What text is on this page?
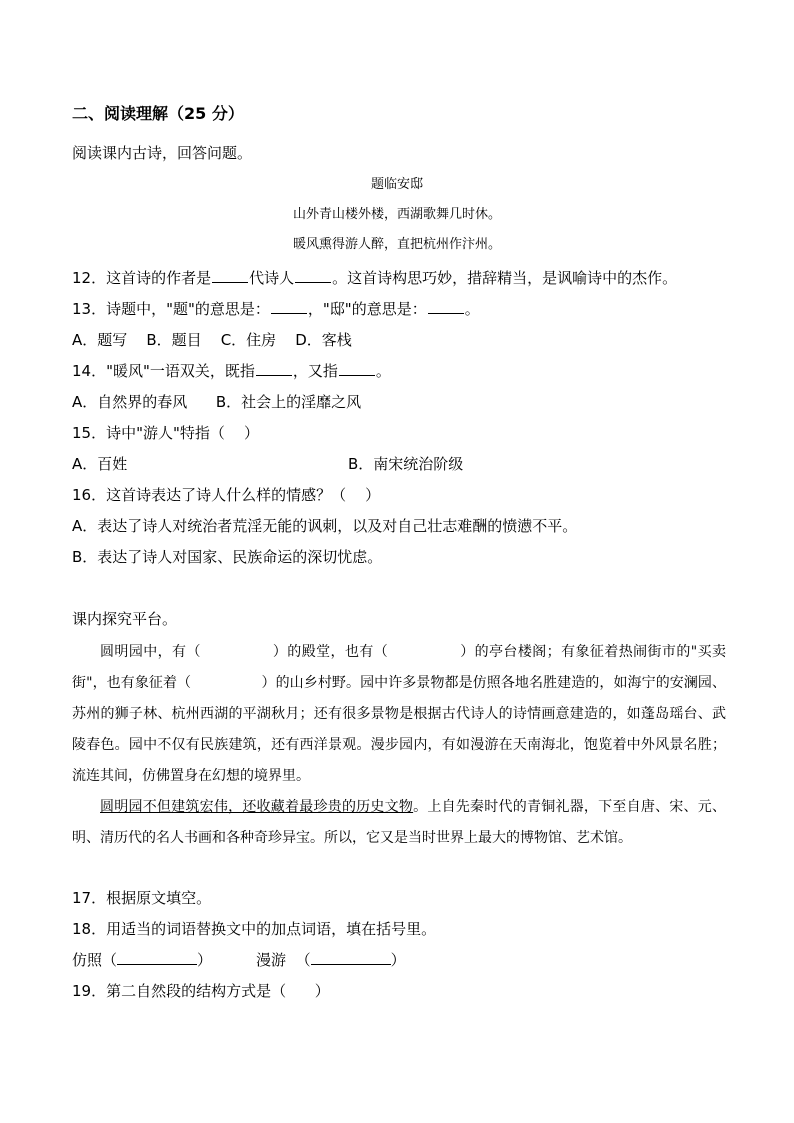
二、阅读理解（25 分）
阅读课内古诗，回答问题。
题临安邸
山外青山楼外楼，西湖歌舞几时休。
暖风熏得游人醉，直把杭州作汴州。
12．这首诗的作者是	代诗人	。这首诗构思巧妙，措辞精当，是讽喻诗中的杰作。
13．诗题中，"题"的意思是：	，"邸"的意思是：	。
A．题写    B．题目    C．住房    D．客栈
14．"暖风"一语双关，既指	，又指	。
A．自然界的春风      B．社会上的淫靡之风
15．诗中"游人"特指（    ）
A．百姓	B．南宋统治阶级
16．这首诗表达了诗人什么样的情感？（    ）
A．表达了诗人对统治者荒淫无能的讽刺，以及对自己壮志难酬的愤懑不平。
B．表达了诗人对国家、民族命运的深切忧虑。
课内探究平台。
圆明园中，有（　　　　　）的殿堂，也有（　　　　　）的亭台楼阁；有象征着热闹街市的"买卖街"，也有象征着（　　　　　）的山乡村野。园中许多景物都是仿照各地名胜建造的，如海宁的安澜园、苏州的狮子林、杭州西湖的平湖秋月；还有很多景物是根据古代诗人的诗情画意建造的，如蓬岛瑶台、武陵春色。园中不仅有民族建筑，还有西洋景观。漫步园内，有如漫游在天南海北，饱览着中外风景名胜；流连其间，仿佛置身在幻想的境界里。
圆明园不但建筑宏伟，还收藏着最珍贵的历史文物。上自先秦时代的青铜礼器，下至自唐、宋、元、明、清历代的名人书画和各种奇珍异宝。所以，它又是当时世界上最大的博物馆、艺术馆。
17．根据原文填空。
18．用适当的词语替换文中的加点词语，填在括号里。
仿照（	）	漫游  （	）
19．第二自然段的结构方式是（      ）
